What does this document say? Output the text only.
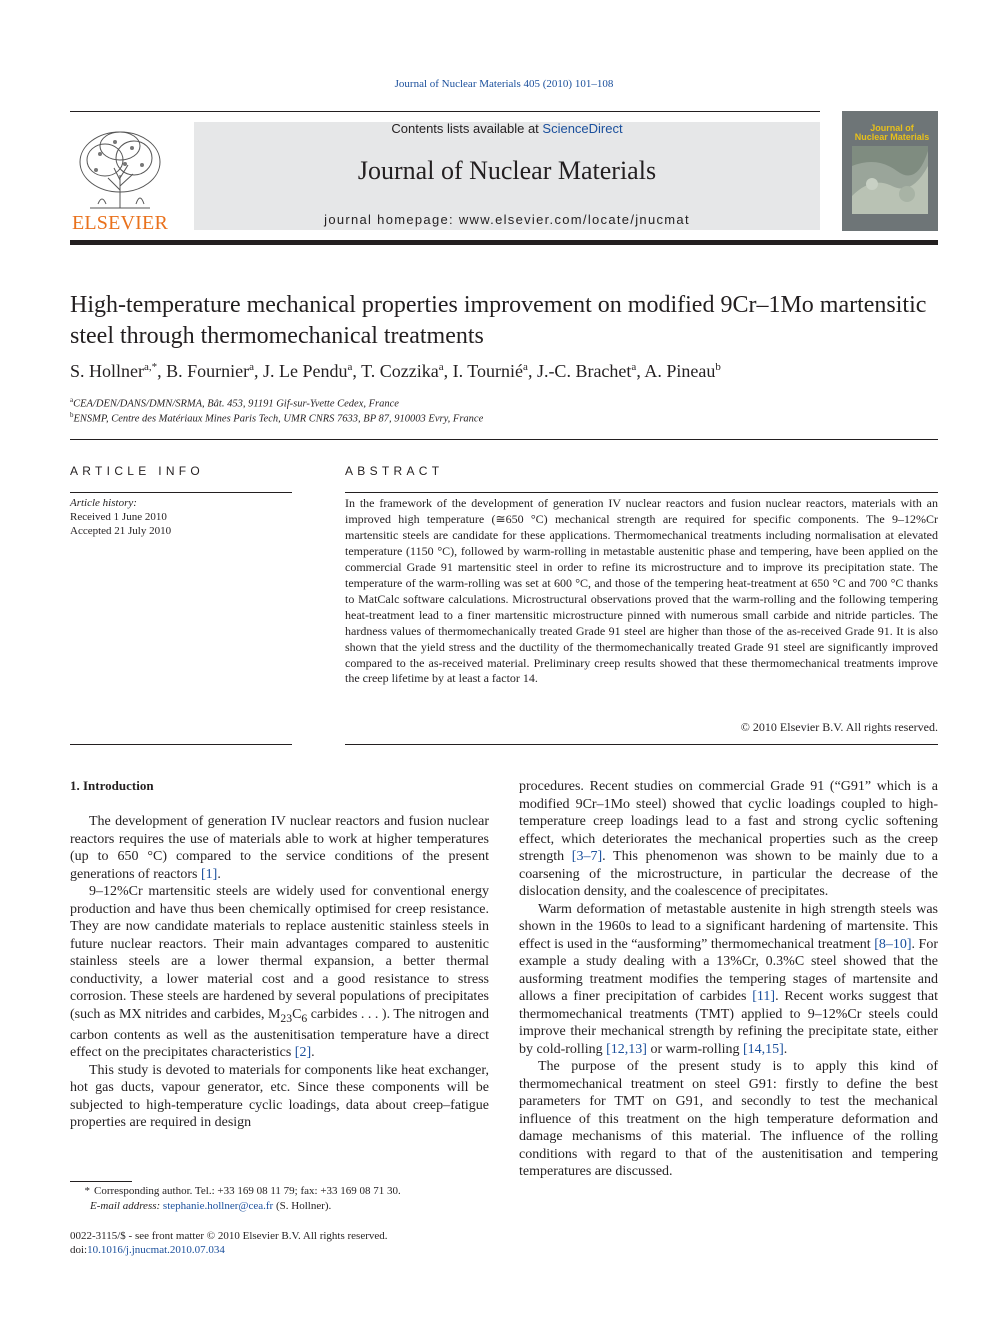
Journal of Nuclear Materials 405 (2010) 101–108
ELSEVIER
Contents lists available at ScienceDirect
Journal of Nuclear Materials
journal homepage: www.elsevier.com/locate/jnucmat
Journal of
Nuclear Materials
High-temperature mechanical properties improvement on modified 9Cr–1Mo martensitic steel through thermomechanical treatments
S. Hollner$^{a,*}$, B. Fournier$^a$, J. Le Pendu$^a$, T. Cozzika$^a$, I. Tournié$^a$, J.-C. Brachet$^a$, A. Pineau$^b$
$^a$CEA/DEN/DANS/DMN/SRMA, Bât. 453, 91191 Gif-sur-Yvette Cedex, France
$^b$ENSMP, Centre des Matériaux Mines Paris Tech, UMR CNRS 7633, BP 87, 910003 Evry, France
ARTICLE INFO
Article history:
Received 1 June 2010
Accepted 21 July 2010
ABSTRACT
In the framework of the development of generation IV nuclear reactors and fusion nuclear reactors, materials with an improved high temperature (≅650 °C) mechanical strength are required for specific components. The 9–12%Cr martensitic steels are candidate for these applications. Thermomechanical treatments including normalisation at elevated temperature (1150 °C), followed by warm-rolling in metastable austenitic phase and tempering, have been applied on the commercial Grade 91 martensitic steel in order to refine its microstructure and to improve its precipitation state. The temperature of the warm-rolling was set at 600 °C, and those of the tempering heat-treatment at 650 °C and 700 °C thanks to MatCalc software calculations. Microstructural observations proved that the warm-rolling and the following tempering heat-treatment lead to a finer martensitic microstructure pinned with numerous small carbide and nitride particles. The hardness values of thermomechanically treated Grade 91 steel are higher than those of the as-received Grade 91. It is also shown that the yield stress and the ductility of the thermomechanically treated Grade 91 steel are significantly improved compared to the as-received material. Preliminary creep results showed that these thermomechanical treatments improve the creep lifetime by at least a factor 14.
© 2010 Elsevier B.V. All rights reserved.
1. Introduction

The development of generation IV nuclear reactors and fusion nuclear reactors requires the use of materials able to work at higher temperatures (up to 650 °C) compared to the service conditions of the present generations of reactors [1].

9–12%Cr martensitic steels are widely used for conventional energy production and have thus been chemically optimised for creep resistance. They are now candidate materials to replace austenitic stainless steels in future nuclear reactors. Their main advantages compared to austenitic stainless steels are a lower thermal expansion, a better thermal conductivity, a lower material cost and a good resistance to stress corrosion. These steels are hardened by several populations of precipitates (such as MX nitrides and carbides, $M_{23}C_6$ carbides . . . ). The nitrogen and carbon contents as well as the austenitisation temperature have a direct effect on the precipitates characteristics [2].

This study is devoted to materials for components like heat exchanger, hot gas ducts, vapour generator, etc. Since these components will be subjected to high-temperature cyclic loadings, data about creep–fatigue properties are required in design

procedures. Recent studies on commercial Grade 91 (“G91” which is a modified 9Cr–1Mo steel) showed that cyclic loadings coupled to high-temperature creep loadings lead to a fast and strong cyclic softening effect, which deteriorates the mechanical properties such as the creep strength [3–7]. This phenomenon was shown to be mainly due to a coarsening of the microstructure, in particular the decrease of the dislocation density, and the coalescence of precipitates.

Warm deformation of metastable austenite in high strength steels was shown in the 1960s to lead to a significant hardening of martensite. This effect is used in the “ausforming” thermomechanical treatment [8–10]. For example a study dealing with a 13%Cr, 0.3%C steel showed that the ausforming treatment modifies the tempering stages of martensite and allows a finer precipitation of carbides [11]. Recent works suggest that thermomechanical treatments (TMT) applied to 9–12%Cr steels could improve their mechanical strength by refining the precipitate state, either by cold-rolling [12,13] or warm-rolling [14,15].

The purpose of the present study is to apply this kind of thermomechanical treatment on steel G91: firstly to define the best parameters for TMT on G91, and secondly to test the mechanical influence of this treatment on the high temperature deformation and damage mechanisms of this material. The influence of the rolling conditions with regard to that of the austenitisation and tempering temperatures are discussed.

* Corresponding author. Tel.: +33 169 08 11 79; fax: +33 169 08 71 30.
E-mail address: stephanie.hollner@cea.fr (S. Hollner).
0022-3115/$ - see front matter © 2010 Elsevier B.V. All rights reserved.
doi:10.1016/j.jnucmat.2010.07.034
